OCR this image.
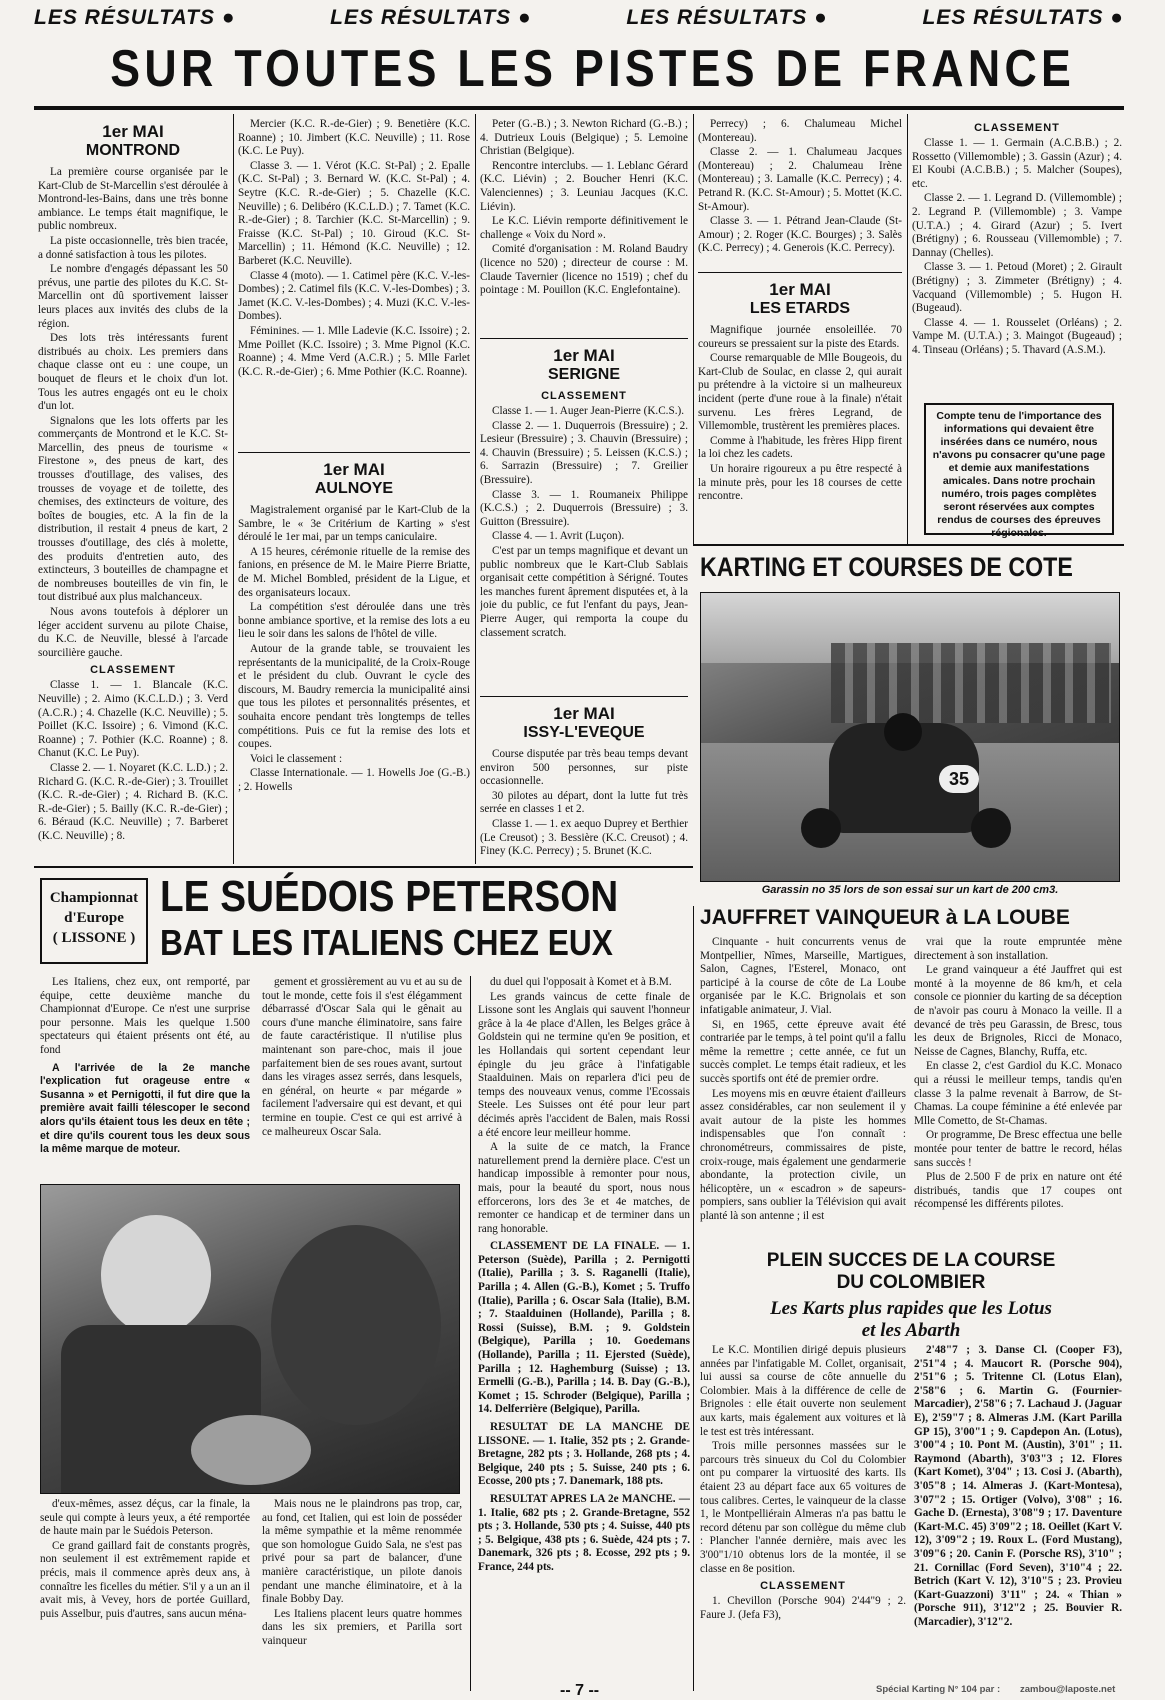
LES RÉSULTATS ●	LES RÉSULTATS ●	LES RÉSULTATS ●	LES RÉSULTATS ●
SUR TOUTES LES PISTES DE FRANCE
1er MAI
MONTROND

La première course organisée par le Kart-Club de St-Marcellin s'est déroulée à Montrond-les-Bains, dans une très bonne ambiance. Le temps était magnifique, le public nombreux.

La piste occasionnelle, très bien tracée, a donné satisfaction à tous les pilotes.

Le nombre d'engagés dépassant les 50 prévus, une partie des pilotes du K.C. St-Marcellin ont dû sportivement laisser leurs places aux invités des clubs de la région.

Des lots très intéressants furent distribués au choix. Les premiers dans chaque classe ont eu : une coupe, un bouquet de fleurs et le choix d'un lot. Tous les autres engagés ont eu le choix d'un lot.

Signalons que les lots offerts par les commerçants de Montrond et le K.C. St-Marcellin, des pneus de tourisme « Firestone », des pneus de kart, des trousses d'outillage, des valises, des trousses de voyage et de toilette, des chemises, des extincteurs de voiture, des boîtes de bougies, etc. A la fin de la distribution, il restait 4 pneus de kart, 2 trousses d'outillage, des clés à molette, des produits d'entretien auto, des extincteurs, 3 bouteilles de champagne et de nombreuses bouteilles de vin fin, le tout distribué aux plus malchanceux.

Nous avons toutefois à déplorer un léger accident survenu au pilote Chaise, du K.C. de Neuville, blessé à l'arcade sourcilière gauche.

CLASSEMENT

Classe 1. — 1. Blancale (K.C. Neuville) ; 2. Aimo (K.C.L.D.) ; 3. Verd (A.C.R.) ; 4. Chazelle (K.C. Neuville) ; 5. Poillet (K.C. Issoire) ; 6. Vimond (K.C. Roanne) ; 7. Pothier (K.C. Roanne) ; 8. Chanut (K.C. Le Puy).

Classe 2. — 1. Noyaret (K.C. L.D.) ; 2. Richard G. (K.C. R.-de-Gier) ; 3. Trouillet (K.C. R.-de-Gier) ; 4. Richard B. (K.C. R.-de-Gier) ; 5. Bailly (K.C. R.-de-Gier) ; 6. Béraud (K.C. Neuville) ; 7. Barberet (K.C. Neuville) ; 8.

Mercier (K.C. R.-de-Gier) ; 9. Benetière (K.C. Roanne) ; 10. Jimbert (K.C. Neuville) ; 11. Rose (K.C. Le Puy).

Classe 3. — 1. Vérot (K.C. St-Pal) ; 2. Epalle (K.C. St-Pal) ; 3. Bernard W. (K.C. St-Pal) ; 4. Seytre (K.C. R.-de-Gier) ; 5. Chazelle (K.C. Neuville) ; 6. Delibéro (K.C.L.D.) ; 7. Tamet (K.C. R.-de-Gier) ; 8. Tarchier (K.C. St-Marcellin) ; 9. Fraisse (K.C. St-Pal) ; 10. Giroud (K.C. St-Marcellin) ; 11. Hémond (K.C. Neuville) ; 12. Barberet (K.C. Neuville).

Classe 4 (moto). — 1. Catimel père (K.C. V.-les-Dombes) ; 2. Catimel fils (K.C. V.-les-Dombes) ; 3. Jamet (K.C. V.-les-Dombes) ; 4. Muzi (K.C. V.-les-Dombes).

Féminines. — 1. Mlle Ladevie (K.C. Issoire) ; 2. Mme Poillet (K.C. Issoire) ; 3. Mme Pignol (K.C. Roanne) ; 4. Mme Verd (A.C.R.) ; 5. Mlle Farlet (K.C. R.-de-Gier) ; 6. Mme Pothier (K.C. Roanne).

1er MAI
AULNOYE

Magistralement organisé par le Kart-Club de la Sambre, le « 3e Critérium de Karting » s'est déroulé le 1er mai, par un temps caniculaire.

A 15 heures, cérémonie rituelle de la remise des fanions, en présence de M. le Maire Pierre Briatte, de M. Michel Bombled, président de la Ligue, et des organisateurs locaux.

La compétition s'est déroulée dans une très bonne ambiance sportive, et la remise des lots a eu lieu le soir dans les salons de l'hôtel de ville.

Autour de la grande table, se trouvaient les représentants de la municipalité, de la Croix-Rouge et le président du club. Ouvrant le cycle des discours, M. Baudry remercia la municipalité ainsi que tous les pilotes et personnalités présentes, et souhaita encore pendant très longtemps de telles compétitions. Puis ce fut la remise des lots et coupes.

Voici le classement :

Classe Internationale. — 1. Howells Joe (G.-B.) ; 2. Howells

Peter (G.-B.) ; 3. Newton Richard (G.-B.) ; 4. Dutrieux Louis (Belgique) ; 5. Lemoine Christian (Belgique).

Rencontre interclubs. — 1. Leblanc Gérard (K.C. Liévin) ; 2. Boucher Henri (K.C. Valenciennes) ; 3. Leuniau Jacques (K.C. Liévin).

Le K.C. Liévin remporte définitivement le challenge « Voix du Nord ».

Comité d'organisation : M. Roland Baudry (licence no 520) ; directeur de course : M. Claude Tavernier (licence no 1519) ; chef du pointage : M. Pouillon (K.C. Englefontaine).

1er MAI
SERIGNE
CLASSEMENT

Classe 1. — 1. Auger Jean-Pierre (K.C.S.).

Classe 2. — 1. Duquerrois (Bressuire) ; 2. Lesieur (Bressuire) ; 3. Chauvin (Bressuire) ; 4. Chauvin (Bressuire) ; 5. Leissen (K.C.S.) ; 6. Sarrazin (Bressuire) ; 7. Greilier (Bressuire).

Classe 3. — 1. Roumaneix Philippe (K.C.S.) ; 2. Duquerrois (Bressuire) ; 3. Guitton (Bressuire).

Classe 4. — 1. Avrit (Luçon).

C'est par un temps magnifique et devant un public nombreux que le Kart-Club Sablais organisait cette compétition à Sérigné. Toutes les manches furent âprement disputées et, à la joie du public, ce fut l'enfant du pays, Jean-Pierre Auger, qui remporta la coupe du classement scratch.

1er MAI
ISSY-L'EVEQUE

Course disputée par très beau temps devant environ 500 personnes, sur piste occasionnelle.

30 pilotes au départ, dont la lutte fut très serrée en classes 1 et 2.

Classe 1. — 1. ex aequo Duprey et Berthier (Le Creusot) ; 3. Bessière (K.C. Creusot) ; 4. Finey (K.C. Perrecy) ; 5. Brunet (K.C.

Perrecy) ; 6. Chalumeau Michel (Montereau).

Classe 2. — 1. Chalumeau Jacques (Montereau) ; 2. Chalumeau Irène (Montereau) ; 3. Lamalle (K.C. Perrecy) ; 4. Petrand R. (K.C. St-Amour) ; 5. Mottet (K.C. St-Amour).

Classe 3. — 1. Pétrand Jean-Claude (St-Amour) ; 2. Roger (K.C. Bourges) ; 3. Salès (K.C. Perrecy) ; 4. Generois (K.C. Perrecy).

1er MAI
LES ETARDS

Magnifique journée ensoleillée. 70 coureurs se pressaient sur la piste des Etards.

Course remarquable de Mlle Bougeois, du Kart-Club de Soulac, en classe 2, qui aurait pu prétendre à la victoire si un malheureux incident (perte d'une roue à la finale) n'était survenu. Les frères Legrand, de Villemomble, trustèrent les premières places.

Comme à l'habitude, les frères Hipp firent la loi chez les cadets.

Un horaire rigoureux a pu être respecté à la minute près, pour les 18 courses de cette rencontre.

CLASSEMENT

Classe 1. — 1. Germain (A.C.B.B.) ; 2. Rossetto (Villemomble) ; 3. Gassin (Azur) ; 4. El Koubi (A.C.B.B.) ; 5. Malcher (Soupes), etc.

Classe 2. — 1. Legrand D. (Villemomble) ; 2. Legrand P. (Villemomble) ; 3. Vampe (U.T.A.) ; 4. Girard (Azur) ; 5. Ivert (Brétigny) ; 6. Rousseau (Villemomble) ; 7. Dannay (Chelles).

Classe 3. — 1. Petoud (Moret) ; 2. Girault (Brétigny) ; 3. Zimmeter (Brétigny) ; 4. Vacquand (Villemomble) ; 5. Hugon H. (Bugeaud).

Classe 4. — 1. Rousselet (Orléans) ; 2. Vampe M. (U.T.A.) ; 3. Maingot (Bugeaud) ; 4. Tinseau (Orléans) ; 5. Thavard (A.S.M.).

Compte tenu de l'importance des informations qui devaient être insérées dans ce numéro, nous n'avons pu consacrer qu'une page et demie aux manifestations amicales. Dans notre prochain numéro, trois pages complètes seront réservées aux comptes rendus de courses des épreuves régionales.
KARTING ET COURSES DE COTE
35
Garassin no 35 lors de son essai sur un kart de 200 cm3.
Championnat
d'Europe
( LISSONE )
LE SUÉDOIS PETERSON
BAT LES ITALIENS CHEZ EUX

Les Italiens, chez eux, ont remporté, par équipe, cette deuxième manche du Championnat d'Europe. Ce n'est une surprise pour personne. Mais les quelque 1.500 spectateurs qui étaient présents ont été, au fond

A l'arrivée de la 2e manche l'explication fut orageuse entre « Susanna » et Pernigotti, il fut dire que la première avait failli télescoper le second alors qu'ils étaient tous les deux en tête ; et dire qu'ils courent tous les deux sous la même marque de moteur.

d'eux-mêmes, assez déçus, car la finale, la seule qui compte à leurs yeux, a été remportée de haute main par le Suédois Peterson.

Ce grand gaillard fait de constants progrès, non seulement il est extrêmement rapide et précis, mais il commence après deux ans, à connaître les ficelles du métier. S'il y a un an il avait mis, à Vevey, hors de portée Guillard, puis Asselbur, puis d'autres, sans aucun ména-

gement et grossièrement au vu et au su de tout le monde, cette fois il s'est élégamment débarrassé d'Oscar Sala qui le gênait au cours d'une manche éliminatoire, sans faire de faute caractéristique. Il n'utilise plus maintenant son pare-choc, mais il joue parfaitement bien de ses roues avant, surtout dans les virages assez serrés, dans lesquels, en général, on heurte « par mégarde » facilement l'adversaire qui est devant, et qui termine en toupie. C'est ce qui est arrivé à ce malheureux Oscar Sala.

Mais nous ne le plaindrons pas trop, car, au fond, cet Italien, qui est loin de posséder la même sympathie et la même renommée que son homologue Guido Sala, ne s'est pas privé pour sa part de balancer, d'une manière caractéristique, un pilote danois pendant une manche éliminatoire, et à la finale Bobby Day.

Les Italiens placent leurs quatre hommes dans les six premiers, et Parilla sort vainqueur

du duel qui l'opposait à Komet et à B.M.

Les grands vaincus de cette finale de Lissone sont les Anglais qui sauvent l'honneur grâce à la 4e place d'Allen, les Belges grâce à Goldstein qui ne termine qu'en 9e position, et les Hollandais qui sortent cependant leur épingle du jeu grâce à l'infatigable Staalduinen. Mais on reparlera d'ici peu de temps des nouveaux venus, comme l'Ecossais Steele. Les Suisses ont été pour leur part décimés après l'accident de Balen, mais Rossi a été encore leur meilleur homme.

A la suite de ce match, la France naturellement prend la dernière place. C'est un handicap impossible à remonter pour nous, mais, pour la beauté du sport, nous nous efforcerons, lors des 3e et 4e matches, de remonter ce handicap et de terminer dans un rang honorable.

CLASSEMENT DE LA FINALE. — 1. Peterson (Suède), Parilla ; 2. Pernigotti (Italie), Parilla ; 3. S. Raganelli (Italie), Parilla ; 4. Allen (G.-B.), Komet ; 5. Truffo (Italie), Parilla ; 6. Oscar Sala (Italie), B.M. ; 7. Staalduinen (Hollande), Parilla ; 8. Rossi (Suisse), B.M. ; 9. Goldstein (Belgique), Parilla ; 10. Goedemans (Hollande), Parilla ; 11. Ejersted (Suède), Parilla ; 12. Haghemburg (Suisse) ; 13. Ermelli (G.-B.), Parilla ; 14. B. Day (G.-B.), Komet ; 15. Schroder (Belgique), Parilla ; 14. Delferrière (Belgique), Parilla.

RESULTAT DE LA MANCHE DE LISSONE. — 1. Italie, 352 pts ; 2. Grande-Bretagne, 282 pts ; 3. Hollande, 268 pts ; 4. Belgique, 240 pts ; 5. Suisse, 240 pts ; 6. Ecosse, 200 pts ; 7. Danemark, 188 pts.

RESULTAT APRES LA 2e MANCHE. — 1. Italie, 682 pts ; 2. Grande-Bretagne, 552 pts ; 3. Hollande, 530 pts ; 4. Suisse, 440 pts ; 5. Belgique, 438 pts ; 6. Suède, 424 pts ; 7. Danemark, 326 pts ; 8. Ecosse, 292 pts ; 9. France, 244 pts.

JAUFFRET VAINQUEUR à LA LOUBE

Cinquante - huit concurrents venus de Montpellier, Nîmes, Marseille, Martigues, Salon, Cagnes, l'Esterel, Monaco, ont participé à la course de côte de La Loube organisée par le K.C. Brignolais et son infatigable animateur, J. Vial.

Si, en 1965, cette épreuve avait été contrariée par le temps, à tel point qu'il a fallu même la remettre ; cette année, ce fut un succès complet. Le temps était radieux, et les succès sportifs ont été de premier ordre.

Les moyens mis en œuvre étaient d'ailleurs assez considérables, car non seulement il y avait autour de la piste les hommes indispensables que l'on connaît : chronométreurs, commissaires de piste, croix-rouge, mais également une gendarmerie abondante, la protection civile, un hélicoptère, un « escadron » de sapeurs-pompiers, sans oublier la Télévision qui avait planté là son antenne ; il est

vrai que la route empruntée mène directement à son installation.

Le grand vainqueur a été Jauffret qui est monté à la moyenne de 86 km/h, et cela console ce pionnier du karting de sa déception de n'avoir pas couru à Monaco la veille. Il a devancé de très peu Garassin, de Bresc, tous les deux de Brignoles, Ricci de Monaco, Neisse de Cagnes, Blanchy, Ruffa, etc.

En classe 2, c'est Gardiol du K.C. Monaco qui a réussi le meilleur temps, tandis qu'en classe 3 la palme revenait à Barrow, de St-Chamas. La coupe féminine a été enlevée par Mlle Cometto, de St-Chamas.

Or programme, De Bresc effectua une belle montée pour tenter de battre le record, hélas sans succès !

Plus de 2.500 F de prix en nature ont été distribués, tandis que 17 coupes ont récompensé les différents pilotes.

PLEIN SUCCES DE LA COURSE
DU COLOMBIER
Les Karts plus rapides que les Lotus
et les Abarth

Le K.C. Montilien dirigé depuis plusieurs années par l'infatigable M. Collet, organisait, lui aussi sa course de côte annuelle du Colombier. Mais à la différence de celle de Brignoles : elle était ouverte non seulement aux karts, mais également aux voitures et là le test est très intéressant.

Trois mille personnes massées sur le parcours très sinueux du Col du Colombier ont pu comparer la virtuosité des karts. Ils étaient 23 au départ face aux 65 voitures de tous calibres. Certes, le vainqueur de la classe 1, le Montpelliérain Almeras n'a pas battu le record détenu par son collègue du même club : Plancher l'année dernière, mais avec les 3'00"1/10 obtenus lors de la montée, il se classe en 8e position.

CLASSEMENT

1. Chevillon (Porsche 904) 2'44"9 ; 2. Faure J. (Jefa F3),

2'48"7 ; 3. Danse Cl. (Cooper F3), 2'51"4 ; 4. Maucort R. (Porsche 904), 2'51"6 ; 5. Tritenne Cl. (Lotus Elan), 2'58"6 ; 6. Martin G. (Fournier-Marcadier), 2'58"6 ; 7. Lachaud J. (Jaguar E), 2'59"7 ; 8. Almeras J.M. (Kart Parilla GP 15), 3'00"1 ; 9. Capdepon An. (Lotus), 3'00"4 ; 10. Pont M. (Austin), 3'01" ; 11. Raymond (Abarth), 3'03"3 ; 12. Flores (Kart Komet), 3'04" ; 13. Cosi J. (Abarth), 3'05"8 ; 14. Almeras J. (Kart-Montesa), 3'07"2 ; 15. Ortiger (Volvo), 3'08" ; 16. Gache D. (Ernesta), 3'08"9 ; 17. Daventure (Kart-M.C. 45) 3'09"2 ; 18. Oeillet (Kart V. 12), 3'09"2 ; 19. Roux L. (Ford Mustang), 3'09"6 ; 20. Canin F. (Porsche RS), 3'10" ; 21. Cornillac (Ford Seven), 3'10"4 ; 22. Betrich (Kart V. 12), 3'10"5 ; 23. Provieu (Kart-Guazzoni) 3'11" ; 24. « Thian » (Porsche 911), 3'12"2 ; 25. Bouvier R. (Marcadier), 3'12"2.

-- 7 --	Spécial Karting N° 104 par : zambou@laposte.net
